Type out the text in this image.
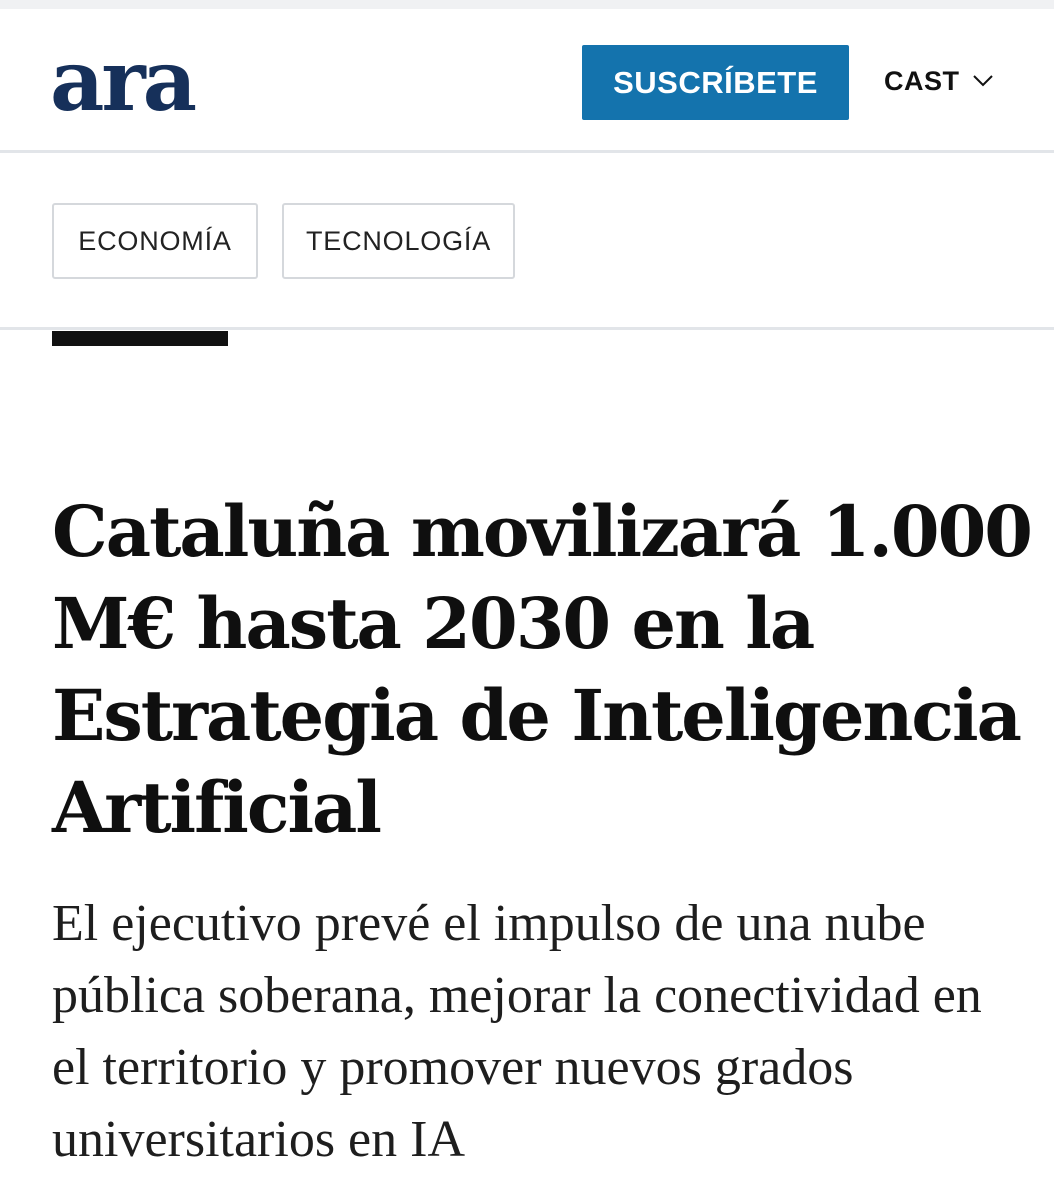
ara	SUSCRÍBETE	CAST
ECONOMÍA	TECNOLOGÍA
Cataluña movilizará 1.000 M€ hasta 2030 en la Estrategia de Inteligencia Artificial

El ejecutivo prevé el impulso de una nube pública soberana, mejorar la conectividad en el territorio y promover nuevos grados universitarios en IA
